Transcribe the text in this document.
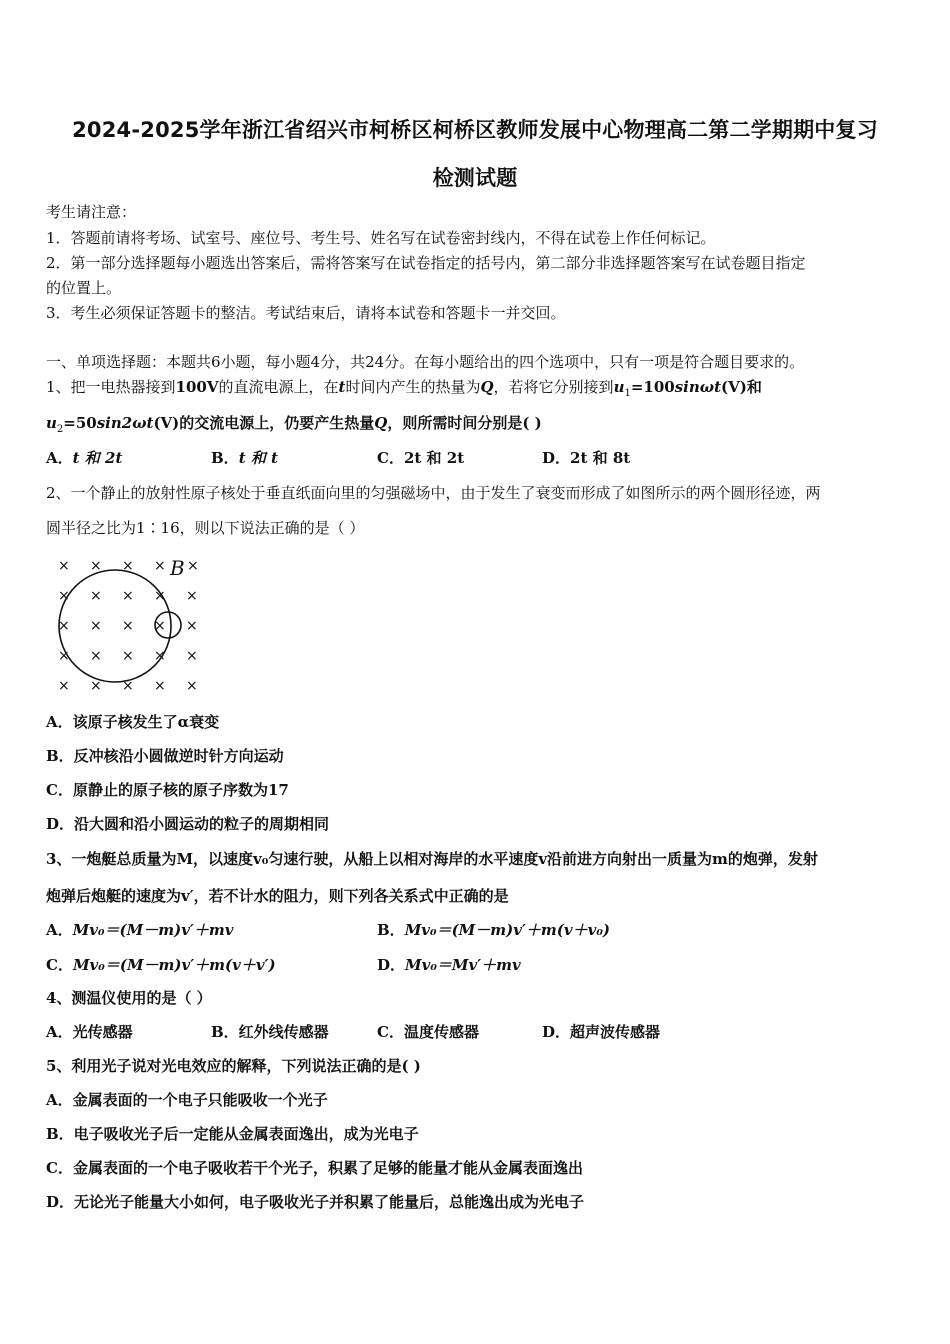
2024-2025学年浙江省绍兴市柯桥区柯桥区教师发展中心物理高二第二学期期中复习
检测试题
考生请注意：
1．答题前请将考场、试室号、座位号、考生号、姓名写在试卷密封线内，不得在试卷上作任何标记。
2．第一部分选择题每小题选出答案后，需将答案写在试卷指定的括号内，第二部分非选择题答案写在试卷题目指定
的位置上。
3．考生必须保证答题卡的整洁。考试结束后，请将本试卷和答题卡一并交回。
一、单项选择题：本题共6小题，每小题4分，共24分。在每小题给出的四个选项中，只有一项是符合题目要求的。
1、把一电热器接到100V的直流电源上，在t时间内产生的热量为Q，若将它分别接到$u_1=100\sin\omega t(V)$和
$u_2=50\sin 2\omega t(V)$的交流电源上，仍要产生热量Q，则所需时间分别是( )
A．t 和 2t	B．t 和 t	C．2t 和 2t	D．2t 和 8t
2、一个静止的放射性原子核处于垂直纸面向里的匀强磁场中，由于发生了衰变而形成了如图所示的两个圆形径迹，两
圆半径之比为1∶16，则以下说法正确的是（ ）
× × × ×
× × × × ×
× × × × ×
× × × × ×
× × × × ×
×
B
A．该原子核发生了α衰变
B．反冲核沿小圆做逆时针方向运动
C．原静止的原子核的原子序数为17
D．沿大圆和沿小圆运动的粒子的周期相同
3、一炮艇总质量为M，以速度v₀匀速行驶，从船上以相对海岸的水平速度v沿前进方向射出一质量为m的炮弹，发射
炮弹后炮艇的速度为v′，若不计水的阻力，则下列各关系式中正确的是
A．Mv₀＝(M－m)v′＋mv	B．Mv₀＝(M－m)v′＋m(v＋v₀)
C．Mv₀＝(M－m)v′＋m(v＋v′)	D．Mv₀＝Mv′＋mv
4、测温仪使用的是（ ）
A．光传感器	B．红外线传感器	C．温度传感器	D．超声波传感器
5、利用光子说对光电效应的解释，下列说法正确的是( )
A．金属表面的一个电子只能吸收一个光子
B．电子吸收光子后一定能从金属表面逸出，成为光电子
C．金属表面的一个电子吸收若干个光子，积累了足够的能量才能从金属表面逸出
D．无论光子能量大小如何，电子吸收光子并积累了能量后，总能逸出成为光电子
